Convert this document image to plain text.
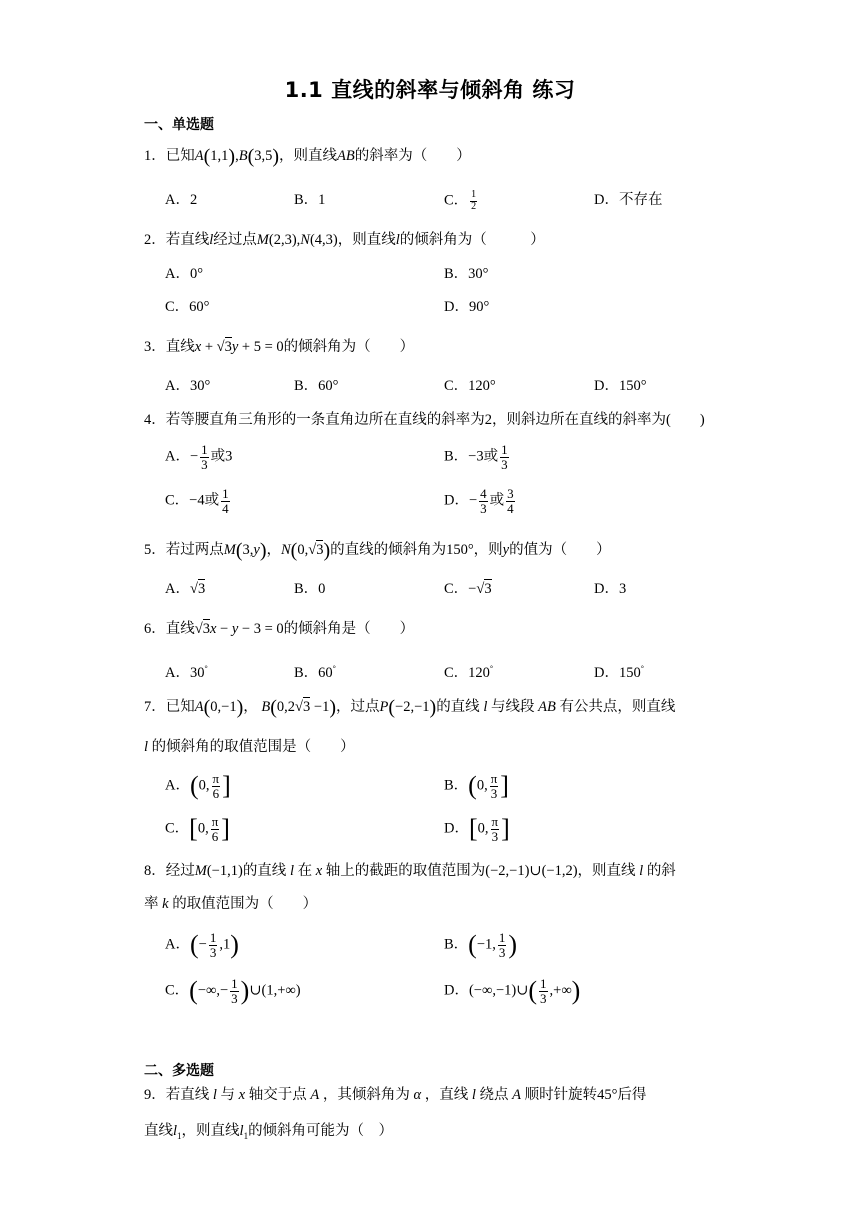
1.1 直线的斜率与倾斜角 练习
一、单选题
1．已知A(1,1),B(3,5)，则直线AB的斜率为（　　）
A．2	B．1	C． $\frac{1}{2}$	D．不存在
2．若直线l经过点M(2,3),N(4,3)，则直线l的倾斜角为（　　　）
A．0°	B．30°
C．60°	D．90°
3．直线x + √3y + 5 = 0的倾斜角为（　　）
A．30°	B．60°	C．120°	D．150°
4．若等腰直角三角形的一条直角边所在直线的斜率为2，则斜边所在直线的斜率为(　　)
A．− $\frac{1}{3}$ 或3	B．−3或 $\frac{1}{3}$
C．−4或 $\frac{1}{4}$	D．− $\frac{4}{3}$ 或 $\frac{3}{4}$
5．若过两点M(3,y)，N(0,√3)的直线的倾斜角为150°，则y的值为（　　）
A．√3	B．0	C．−√3	D．3
6．直线√3x − y − 3 = 0的倾斜角是（　　）
A．30°	B．60°	C．120°	D．150°
7．已知A(0,−1)， B(0,2√3 −1)，过点P(−2,−1)的直线 l 与线段 AB 有公共点，则直线
l 的倾斜角的取值范围是（　　）
A．(0, $\frac{\pi}{6}$ ]	B．(0, $\frac{\pi}{3}$ ]
C．[0, $\frac{\pi}{6}$ ]	D．[0, $\frac{\pi}{3}$ ]
8．经过M(−1,1)的直线 l 在 x 轴上的截距的取值范围为(−2,−1)∪(−1,2)，则直线 l 的斜
率 k 的取值范围为（　　）
A．(− $\frac{1}{3} ,1$)	B．(−1, $\frac{1}{3}$ )
C．(−∞,− $\frac{1}{3}$ )∪(1,+∞)	D．(−∞,−1)∪( $\frac{1}{3}$ ,+∞)
二、多选题
9．若直线 l 与 x 轴交于点 A ，其倾斜角为 α ，直线 l 绕点 A 顺时针旋转45°后得
直线$l_1$，则直线$l_1$的倾斜角可能为（　）
